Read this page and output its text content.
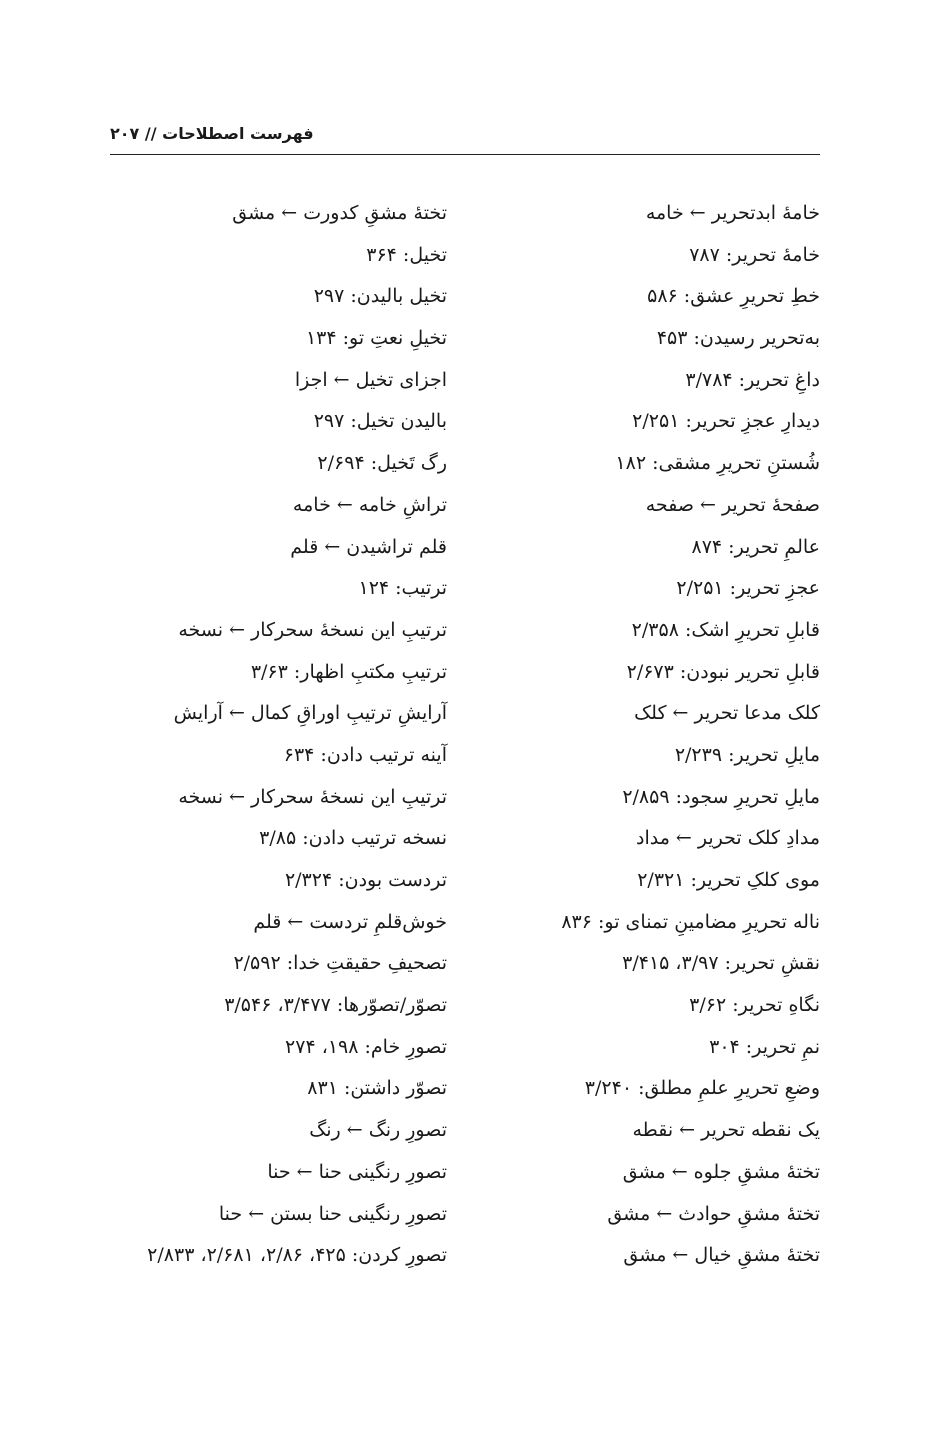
فهرست اصطلاحات // ۲۰۷
خامهٔ ابدتحریر ← خامه
خامهٔ تحریر: ۷۸۷
خطِ تحریرِ عشق: ۵۸۶
به‌تحریر رسیدن: ۴۵۳
داغِ تحریر: ۳/۷۸۴
دیدارِ عجزِ تحریر: ۲/۲۵۱
شُستنِ تحریرِ مشقی: ۱۸۲
صفحهٔ تحریر ← صفحه
عالمِ تحریر: ۸۷۴
عجزِ تحریر: ۲/۲۵۱
قابلِ تحریرِ اشک: ۲/۳۵۸
قابلِ تحریر نبودن: ۲/۶۷۳
کلک مدعا تحریر ← کلک
مایلِ تحریر: ۲/۲۳۹
مایلِ تحریرِ سجود: ۲/۸۵۹
مدادِ کلک تحریر ← مداد
موی کلکِ تحریر: ۲/۳۲۱
ناله تحریرِ مضامینِ تمنای تو: ۸۳۶
نقشِ تحریر: ۳/۹۷، ۳/۴۱۵
نگاهِ تحریر: ۳/۶۲
نمِ تحریر: ۳۰۴
وضعِ تحریرِ علمِ مطلق: ۳/۲۴۰
یک نقطه تحریر ← نقطه
تختهٔ مشقِ جلوه ← مشق
تختهٔ مشقِ حوادث ← مشق
تختهٔ مشقِ خیال ← مشق
تختهٔ مشقِ کدورت ← مشق
تخیل: ۳۶۴
تخیل بالیدن: ۲۹۷
تخیلِ نعتِ تو: ۱۳۴
اجزای تخیل ← اجزا
بالیدن تخیل: ۲۹۷
رگ تَخیل: ۲/۶۹۴
تراشِ خامه ← خامه
قلم تراشیدن ← قلم
ترتیب: ۱۲۴
ترتیبِ این نسخهٔ سحرکار ← نسخه
ترتیبِ مکتبِ اظهار: ۳/۶۳
آرایشِ ترتیبِ اوراقِ کمال ← آرایش
آینه ترتیب دادن: ۶۳۴
ترتیبِ این نسخهٔ سحرکار ← نسخه
نسخه ترتیب دادن: ۳/۸۵
تردست بودن: ۲/۳۲۴
خوش‌قلمِ تردست ← قلم
تصحیفِ حقیقتِ خدا: ۲/۵۹۲
تصوّر/تصوّرها: ۳/۴۷۷، ۳/۵۴۶
تصورِ خام: ۱۹۸، ۲۷۴
تصوّر داشتن: ۸۳۱
تصورِ رنگ ← رنگ
تصورِ رنگینی حنا ← حنا
تصورِ رنگینی حنا بستن ← حنا
تصورِ کردن: ۴۲۵، ۲/۸۶، ۲/۶۸۱، ۲/۸۳۳
